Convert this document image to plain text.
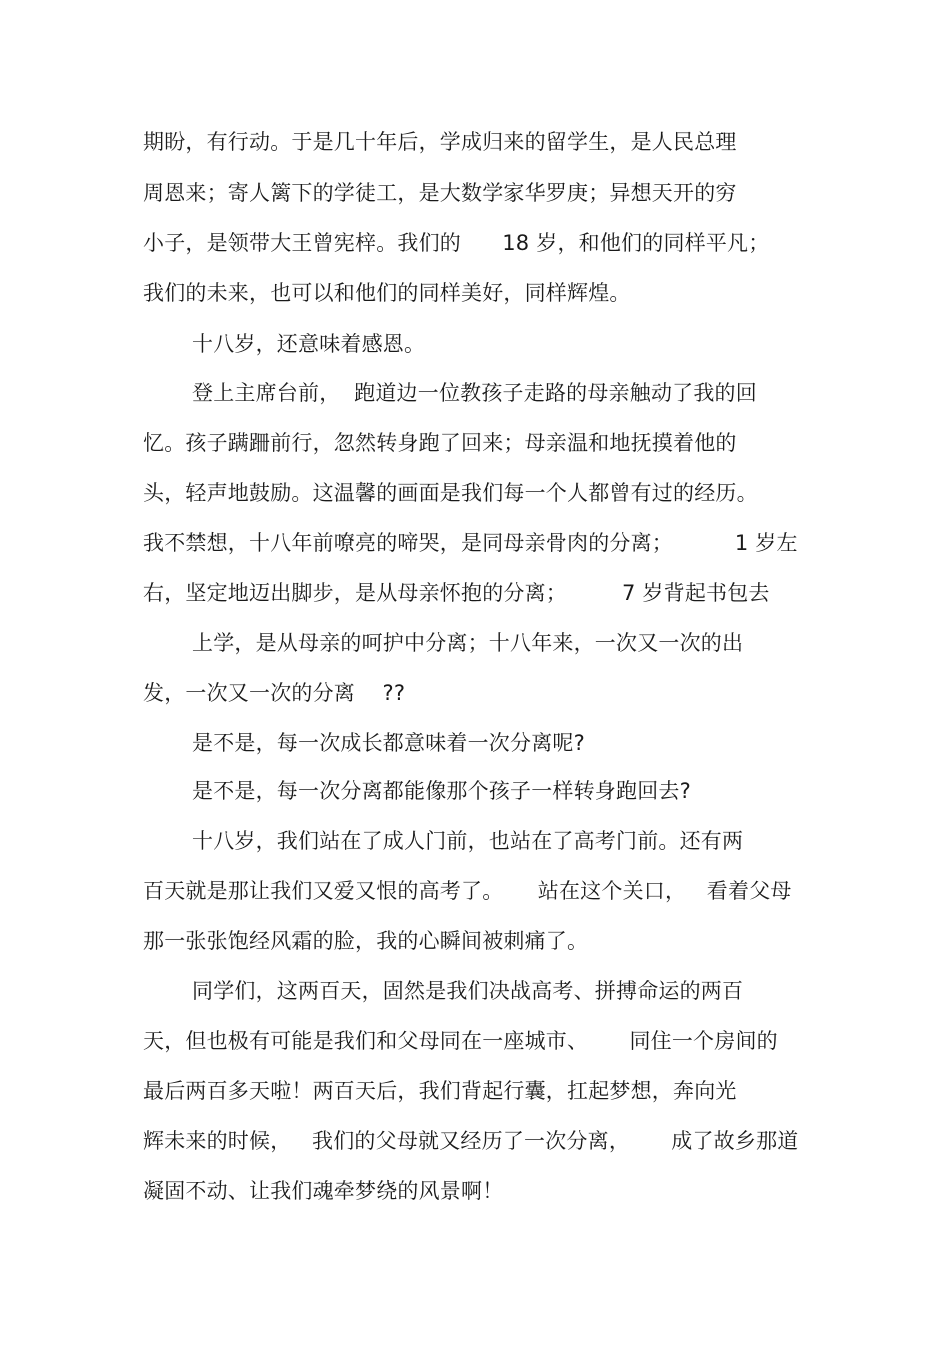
期盼，有行动。于是几十年后，学成归来的留学生，是人民总理
周恩来；寄人篱下的学徒工，是大数学家华罗庚；异想天开的穷
小子，是领带大王曾宪梓。我们的      18 岁，和他们的同样平凡；
我们的未来，也可以和他们的同样美好，同样辉煌。
十八岁，还意味着感恩。
登上主席台前，  跑道边一位教孩子走路的母亲触动了我的回
忆。孩子蹒跚前行，忽然转身跑了回来；母亲温和地抚摸着他的
头，轻声地鼓励。这温馨的画面是我们每一个人都曾有过的经历。
我不禁想，十八年前嘹亮的啼哭，是同母亲骨肉的分离；         1 岁左
右，坚定地迈出脚步，是从母亲怀抱的分离；        7 岁背起书包去
上学，是从母亲的呵护中分离；十八年来，一次又一次的出
发，一次又一次的分离    ??
是不是，每一次成长都意味着一次分离呢?
是不是，每一次分离都能像那个孩子一样转身跑回去?
十八岁，我们站在了成人门前，也站在了高考门前。还有两
百天就是那让我们又爱又恨的高考了。     站在这个关口，   看着父母
那一张张饱经风霜的脸，我的心瞬间被刺痛了。
同学们，这两百天，固然是我们决战高考、拼搏命运的两百
天，但也极有可能是我们和父母同在一座城市、      同住一个房间的
最后两百多天啦！两百天后，我们背起行囊，扛起梦想，奔向光
辉未来的时候，   我们的父母就又经历了一次分离，      成了故乡那道
凝固不动、让我们魂牵梦绕的风景啊！
